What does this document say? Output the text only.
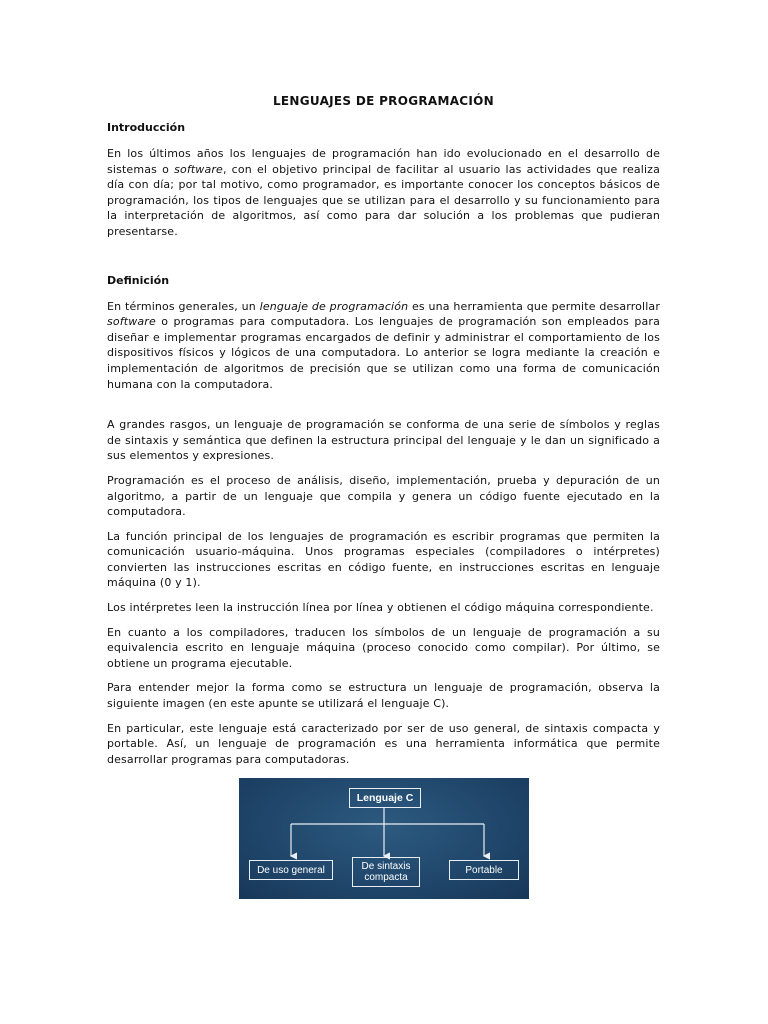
LENGUAJES DE PROGRAMACIÓN
Introducción

En los últimos años los lenguajes de programación han ido evolucionado en el desarrollo de sistemas o software, con el objetivo principal de facilitar al usuario las actividades que realiza día con día; por tal motivo, como programador, es importante conocer los conceptos básicos de programación, los tipos de lenguajes que se utilizan para el desarrollo y su funcionamiento para la interpretación de algoritmos, así como para dar solución a los problemas que pudieran presentarse.

Definición

En términos generales, un lenguaje de programación es una herramienta que permite desarrollar software o programas para computadora. Los lenguajes de programación son empleados para diseñar e implementar programas encargados de definir y administrar el comportamiento de los dispositivos físicos y lógicos de una computadora. Lo anterior se logra mediante la creación e implementación de algoritmos de precisión que se utilizan como una forma de comunicación humana con la computadora.

A grandes rasgos, un lenguaje de programación se conforma de una serie de símbolos y reglas de sintaxis y semántica que definen la estructura principal del lenguaje y le dan un significado a sus elementos y expresiones.

Programación es el proceso de análisis, diseño, implementación, prueba y depuración de un algoritmo, a partir de un lenguaje que compila y genera un código fuente ejecutado en la computadora.

La función principal de los lenguajes de programación es escribir programas que permiten la comunicación usuario-máquina. Unos programas especiales (compiladores o intérpretes) convierten las instrucciones escritas en código fuente, en instrucciones escritas en lenguaje máquina (0 y 1).

Los intérpretes leen la instrucción línea por línea y obtienen el código máquina correspondiente.

En cuanto a los compiladores, traducen los símbolos de un lenguaje de programación a su equivalencia escrito en lenguaje máquina (proceso conocido como compilar). Por último, se obtiene un programa ejecutable.

Para entender mejor la forma como se estructura un lenguaje de programación, observa la siguiente imagen (en este apunte se utilizará el lenguaje C).

En particular, este lenguaje está caracterizado por ser de uso general, de sintaxis compacta y portable. Así, un lenguaje de programación es una herramienta informática que permite desarrollar programas para computadoras.

Lenguaje C
De uso general	De sintaxis
compacta
Portable
